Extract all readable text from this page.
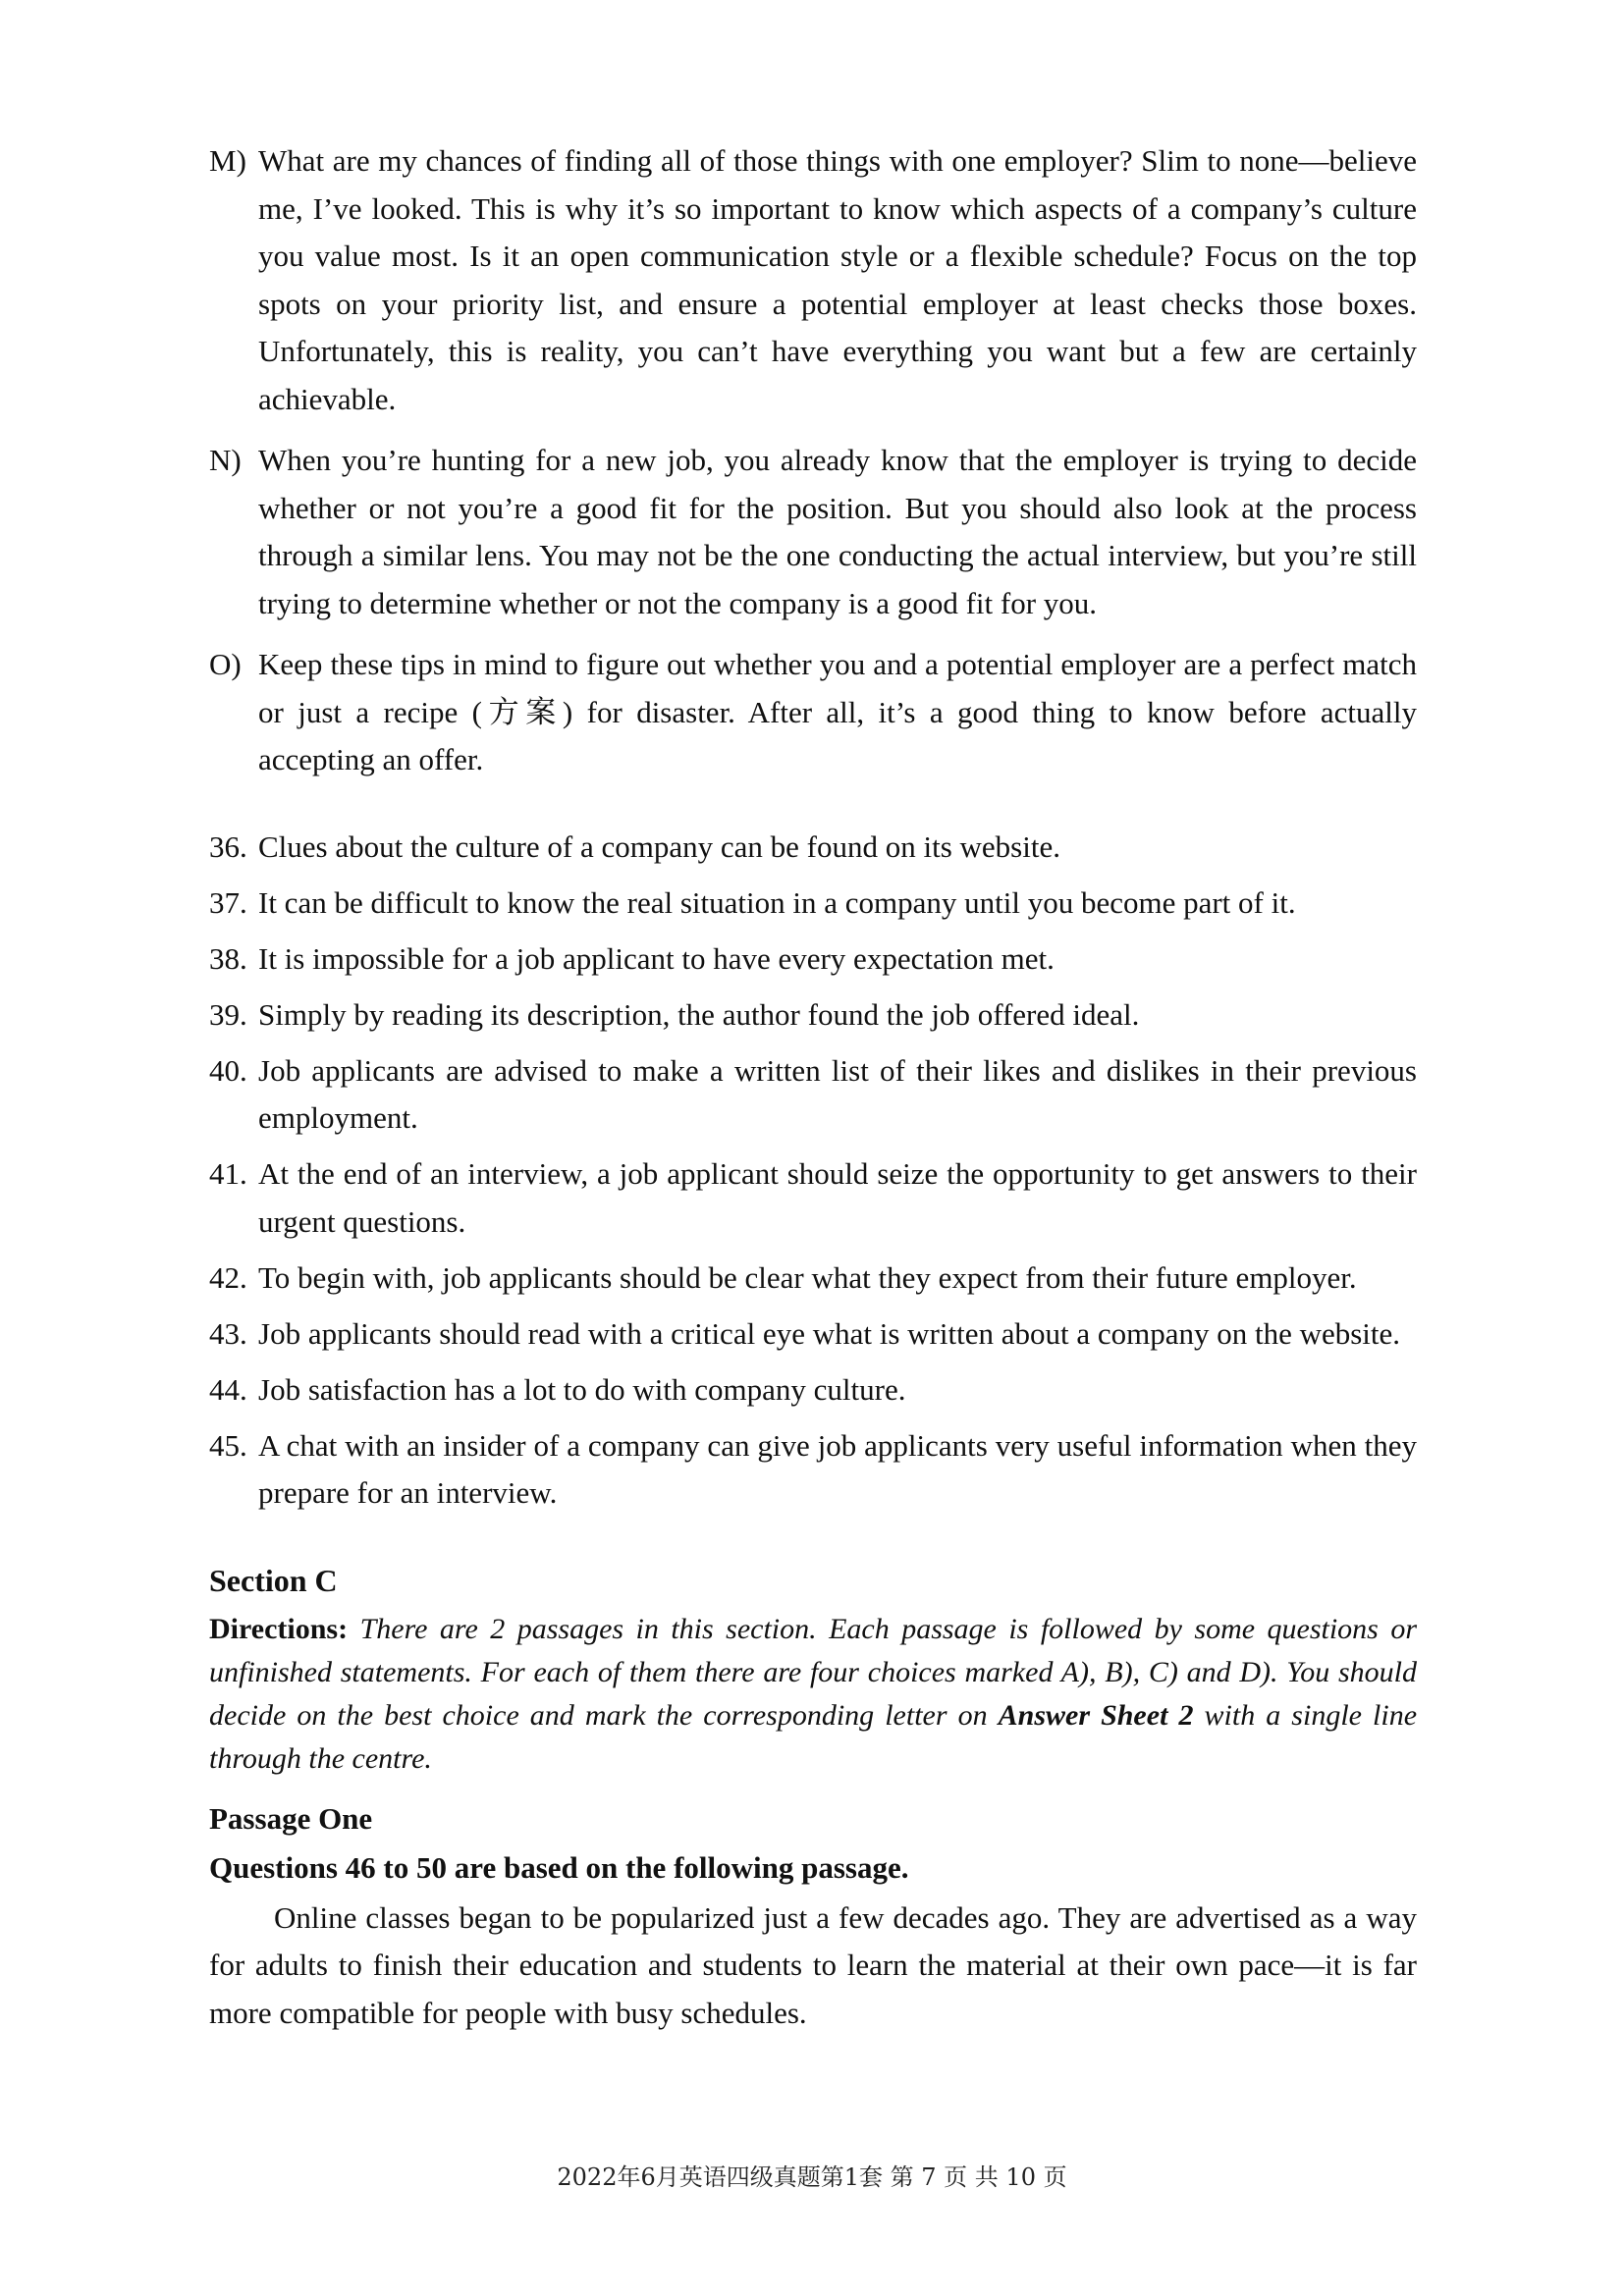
M) What are my chances of finding all of those things with one employer? Slim to none—believe me, I’ve looked. This is why it’s so important to know which aspects of a company’s culture you value most. Is it an open communication style or a flexible schedule? Focus on the top spots on your priority list, and ensure a potential employer at least checks those boxes. Unfortunately, this is reality, you can’t have everything you want but a few are certainly achievable.
N) When you’re hunting for a new job, you already know that the employer is trying to decide whether or not you’re a good fit for the position. But you should also look at the process through a similar lens. You may not be the one conducting the actual interview, but you’re still trying to determine whether or not the company is a good fit for you.
O) Keep these tips in mind to figure out whether you and a potential employer are a perfect match or just a recipe (方案) for disaster. After all, it’s a good thing to know before actually accepting an offer.
36. Clues about the culture of a company can be found on its website.
37. It can be difficult to know the real situation in a company until you become part of it.
38. It is impossible for a job applicant to have every expectation met.
39. Simply by reading its description, the author found the job offered ideal.
40. Job applicants are advised to make a written list of their likes and dislikes in their previous employment.
41. At the end of an interview, a job applicant should seize the opportunity to get answers to their urgent questions.
42. To begin with, job applicants should be clear what they expect from their future employer.
43. Job applicants should read with a critical eye what is written about a company on the website.
44. Job satisfaction has a lot to do with company culture.
45. A chat with an insider of a company can give job applicants very useful information when they prepare for an interview.
Section C
Directions: There are 2 passages in this section. Each passage is followed by some questions or unfinished statements. For each of them there are four choices marked A), B), C) and D). You should decide on the best choice and mark the corresponding letter on Answer Sheet 2 with a single line through the centre.
Passage One
Questions 46 to 50 are based on the following passage.
Online classes began to be popularized just a few decades ago. They are advertised as a way for adults to finish their education and students to learn the material at their own pace—it is far more compatible for people with busy schedules.
2022年6月英语四级真题第1套 第 7 页 共 10 页
